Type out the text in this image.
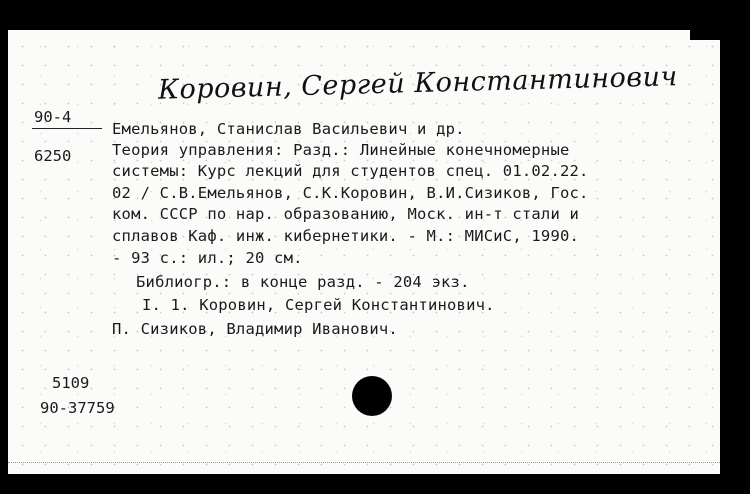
Коровин, Сергей Константинович
90-4
6250
Емельянов, Станислав Васильевич и др.
Теория управления: Разд.: Линейные конечномерные
системы: Курс лекций для студентов спец. 01.02.22.
02 / С.В.Емельянов, С.К.Коровин, В.И.Сизиков, Гос.
ком. СССР по нар. образованию, Моск. ин-т стали и
сплавов Каф. инж. кибернетики. - М.: МИСиС, 1990.
- 93 с.: ил.; 20 см.
Библиогр.: в конце разд. - 204 экз.
I. 1. Коровин, Сергей Константинович.
П. Сизиков, Владимир Иванович.
5109
90-37759
